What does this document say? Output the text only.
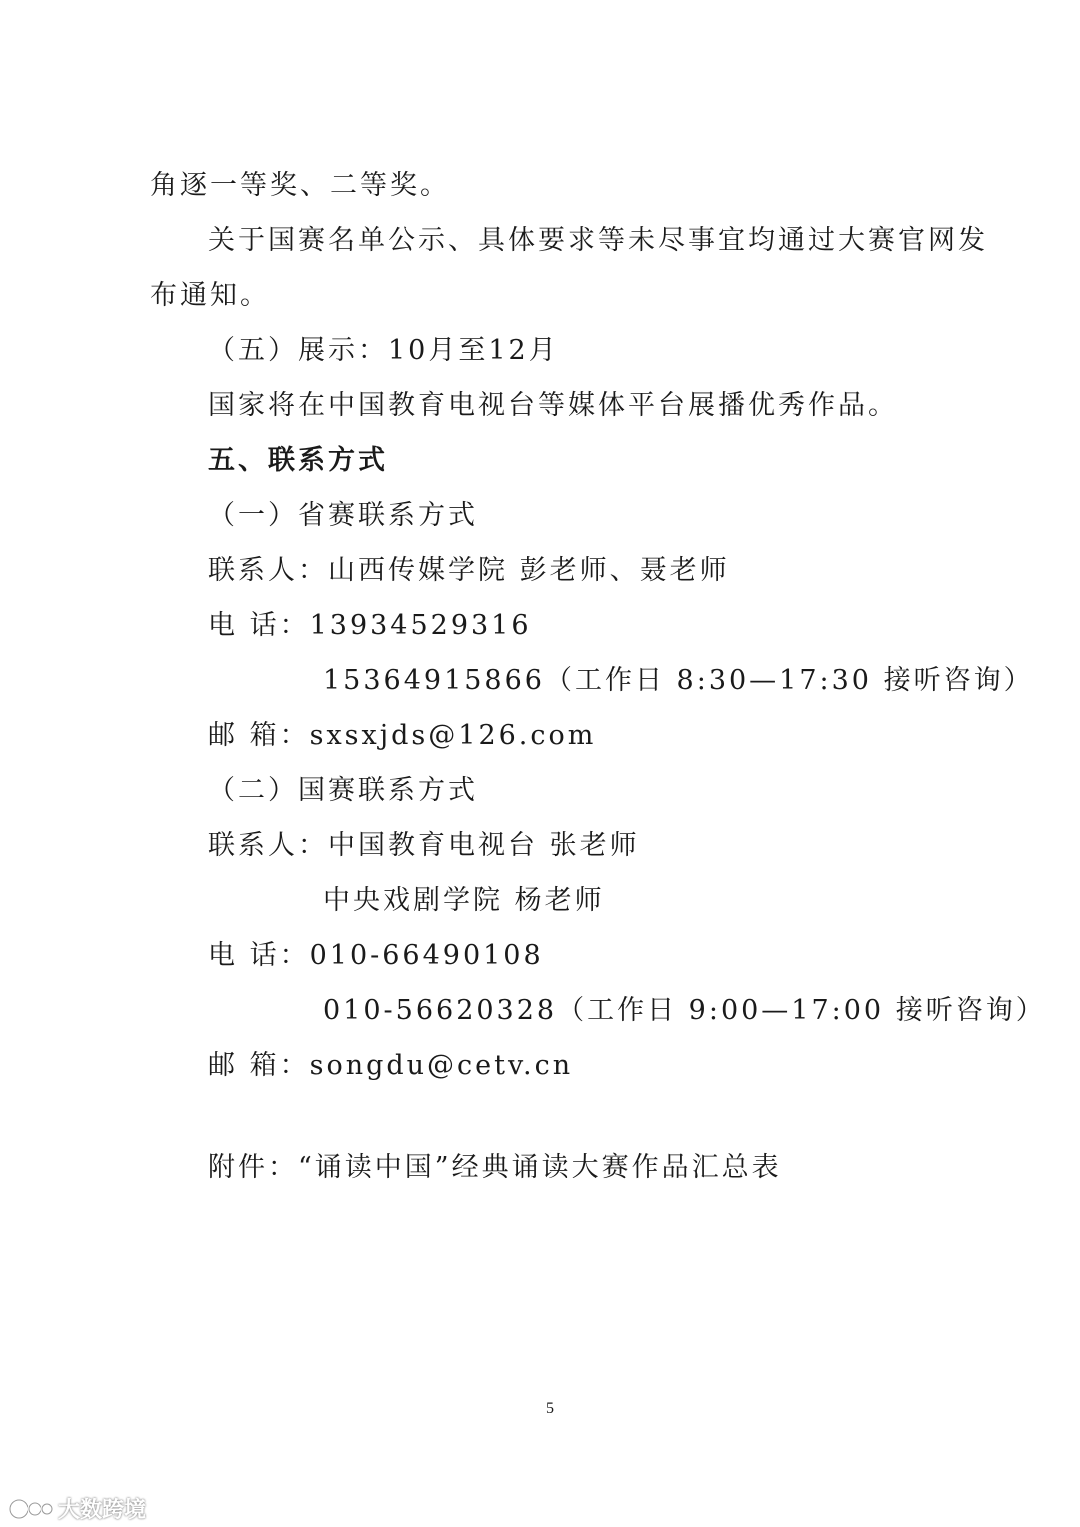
角逐一等奖、二等奖。
关于国赛名单公示、具体要求等未尽事宜均通过大赛官网发
布通知。
（五）展示：10月至12月
国家将在中国教育电视台等媒体平台展播优秀作品。
五、联系方式
（一）省赛联系方式
联系人：山西传媒学院 彭老师、聂老师
电 话：13934529316
15364915866（工作日 8:30—17:30 接听咨询）
邮 箱：sxsxjds@126.com
（二）国赛联系方式
联系人：中国教育电视台 张老师
中央戏剧学院 杨老师
电 话：010-66490108
010-56620328（工作日 9:00—17:00 接听咨询）
邮 箱：songdu@cetv.cn
附件：“诵读中国”经典诵读大赛作品汇总表
5
大数跨境
